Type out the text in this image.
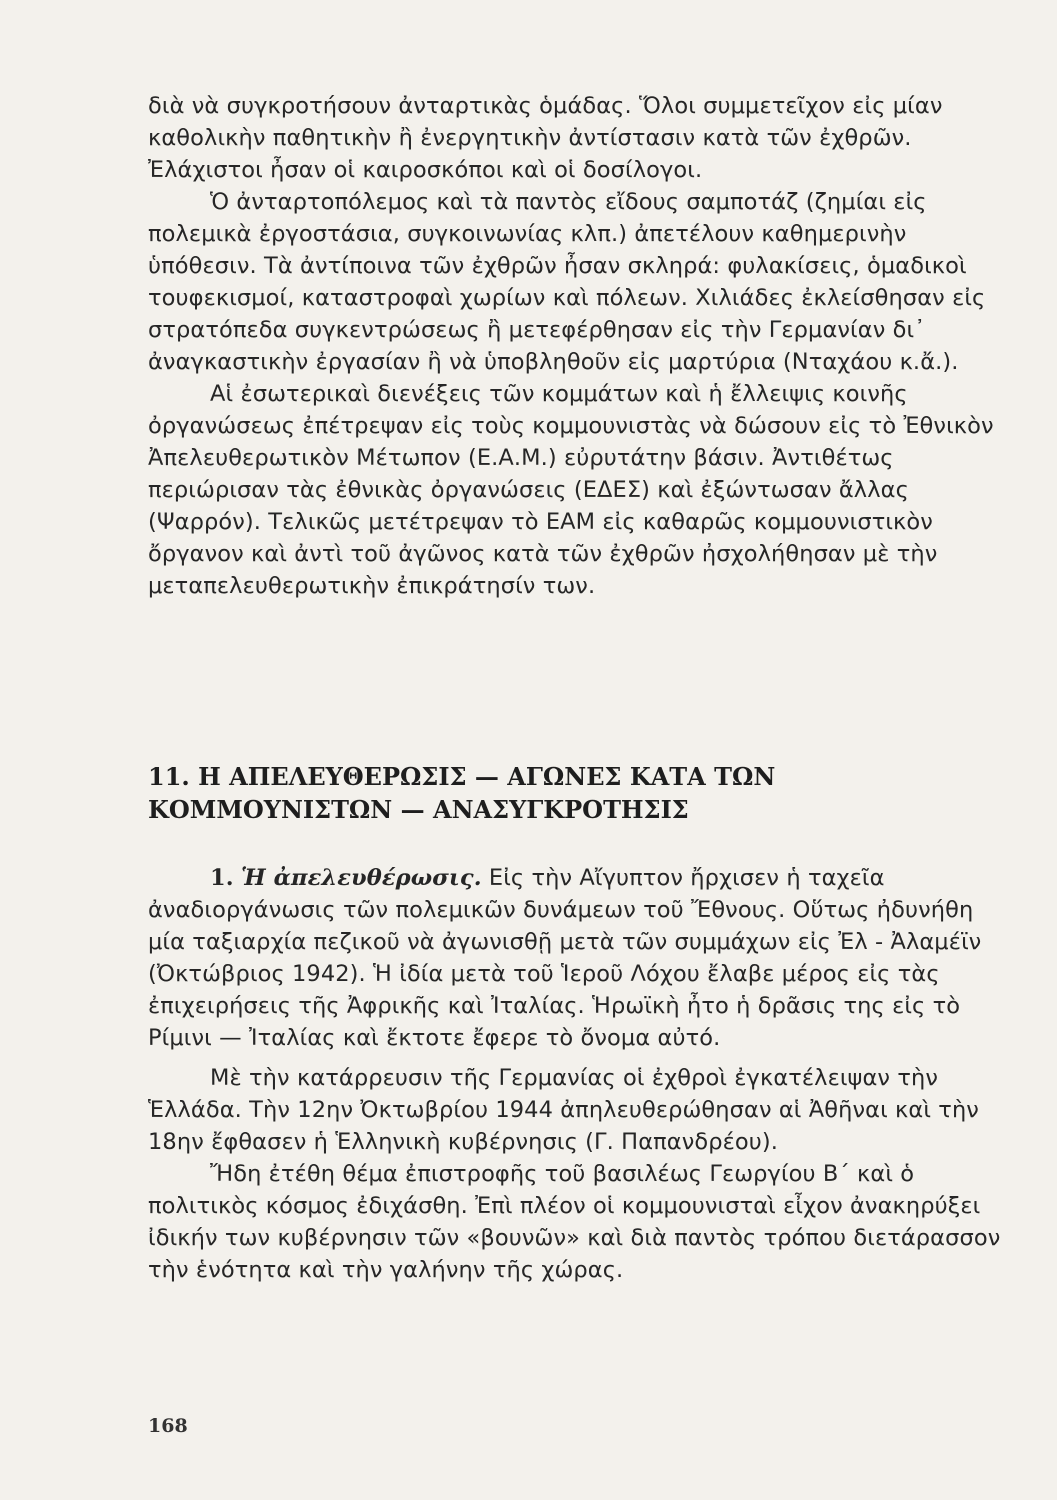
διὰ νὰ συγκροτήσουν ἀνταρτικὰς ὁμάδας. Ὅλοι συμμετεῖχον εἰς μίαν καθολικὴν παθητικὴν ἢ ἐνεργητικὴν ἀντίστασιν κατὰ τῶν ἐχθρῶν. Ἐλάχιστοι ἦσαν οἱ καιροσκόποι καὶ οἱ δοσίλογοι.

Ὁ ἀνταρτοπόλεμος καὶ τὰ παντὸς εἴδους σαμποτάζ (ζημίαι εἰς πολεμικὰ ἐργοστάσια, συγκοινωνίας κλπ.) ἀπετέλουν καθημερινὴν ὑπόθεσιν. Τὰ ἀντίποινα τῶν ἐχθρῶν ἦσαν σκληρά: φυλακίσεις, ὁμαδικοὶ τουφεκισμοί, καταστροφαὶ χωρίων καὶ πόλεων. Χιλιάδες ἐκλείσθησαν εἰς στρατόπεδα συγκεντρώσεως ἢ μετεφέρθησαν εἰς τὴν Γερμανίαν δι᾽ ἀναγκαστικὴν ἐργασίαν ἢ νὰ ὑποβληθοῦν εἰς μαρτύρια (Νταχάου κ.ἄ.).

Αἱ ἐσωτερικαὶ διενέξεις τῶν κομμάτων καὶ ἡ ἔλλειψις κοινῆς ὀργανώσεως ἐπέτρεψαν εἰς τοὺς κομμουνιστὰς νὰ δώσουν εἰς τὸ Ἐθνικὸν Ἀπελευθερωτικὸν Μέτωπον (Ε.Α.Μ.) εὐρυτάτην βάσιν. Ἀντιθέτως περιώρισαν τὰς ἐθνικὰς ὀργανώσεις (ΕΔΕΣ) καὶ ἐξώντωσαν ἄλλας (Ψαρρόν). Τελικῶς μετέτρεψαν τὸ ΕΑΜ εἰς καθαρῶς κομμουνιστικὸν ὄργανον καὶ ἀντὶ τοῦ ἀγῶνος κατὰ τῶν ἐχθρῶν ἠσχολήθησαν μὲ τὴν μεταπελευθερωτικὴν ἐπικράτησίν των.

11. Η ΑΠΕΛΕΥΘΕΡΩΣΙΣ — ΑΓΩΝΕΣ ΚΑΤΑ ΤΩΝ ΚΟΜΜΟΥΝΙΣΤΩΝ — ΑΝΑΣΥΓΚΡΟΤΗΣΙΣ

1. Ἡ ἀπελευθέρωσις. Εἰς τὴν Αἴγυπτον ἤρχισεν ἡ ταχεῖα ἀναδιοργάνωσις τῶν πολεμικῶν δυνάμεων τοῦ Ἔθνους. Οὕτως ἠδυνήθη μία ταξιαρχία πεζικοῦ νὰ ἀγωνισθῇ μετὰ τῶν συμμάχων εἰς Ἐλ - Ἀλαμέϊν (Ὀκτώβριος 1942). Ἡ ἰδία μετὰ τοῦ Ἱεροῦ Λόχου ἔλαβε μέρος εἰς τὰς ἐπιχειρήσεις τῆς Ἀφρικῆς καὶ Ἰταλίας. Ἡρωϊκὴ ἦτο ἡ δρᾶσις της εἰς τὸ Ρίμινι — Ἰταλίας καὶ ἔκτοτε ἔφερε τὸ ὄνομα αὐτό.

Μὲ τὴν κατάρρευσιν τῆς Γερμανίας οἱ ἐχθροὶ ἐγκατέλειψαν τὴν Ἑλλάδα. Τὴν 12ην Ὀκτωβρίου 1944 ἀπηλευθερώθησαν αἱ Ἀθῆναι καὶ τὴν 18ην ἔφθασεν ἡ Ἑλληνικὴ κυβέρνησις (Γ. Παπανδρέου).

Ἤδη ἐτέθη θέμα ἐπιστροφῆς τοῦ βασιλέως Γεωργίου Β΄ καὶ ὁ πολιτικὸς κόσμος ἐδιχάσθη. Ἐπὶ πλέον οἱ κομμουνισταὶ εἶχον ἀνακηρύξει ἰδικήν των κυβέρνησιν τῶν «βουνῶν» καὶ διὰ παντὸς τρόπου διετάρασσον τὴν ἑνότητα καὶ τὴν γαλήνην τῆς χώρας.

168
